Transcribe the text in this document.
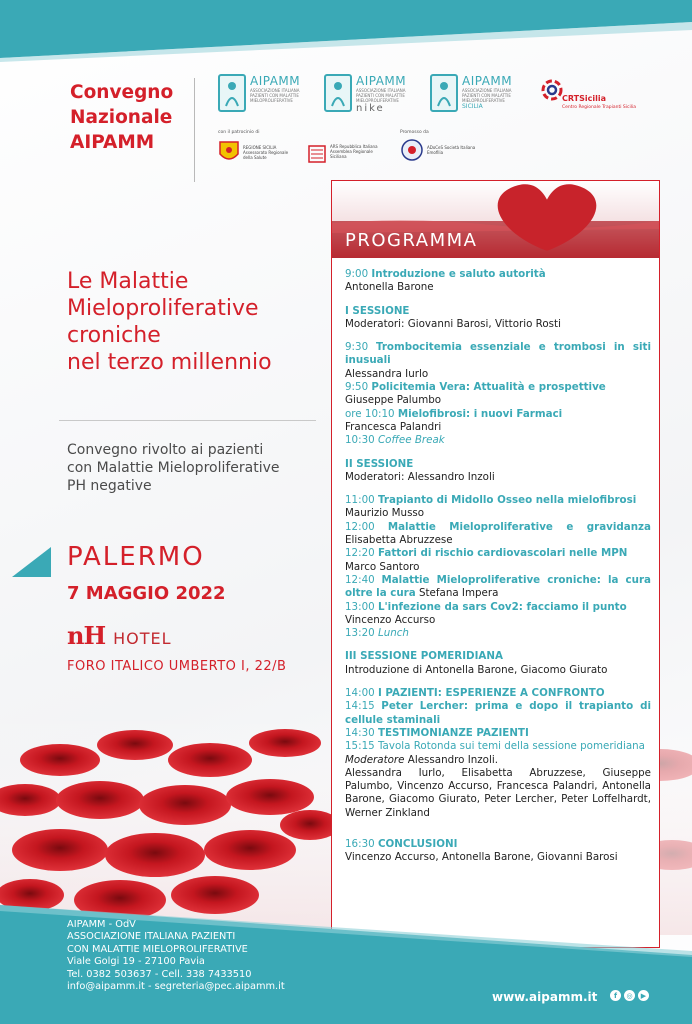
Convegno
Nazionale
AIPAMM
AIPAMM
ASSOCIAZIONE ITALIANA PAZIENTI CON MALATTIE MIELOPROLIFERATIVE
AIPAMM
ASSOCIAZIONE ITALIANA PAZIENTI CON MALATTIE MIELOPROLIFERATIVE
nike
AIPAMM
ASSOCIAZIONE ITALIANA PAZIENTI CON MALATTIE MIELOPROLIFERATIVE
SICILIA
CRTSicilia
Centro Regionale Trapianti Sicilia
con il patrocinio di	Promosso da
REGIONE SICILIA Assessorato Regionale della Salute
ARS Repubblica Italiana Assemblea Regionale Siciliana
ADoCeS Società Italiana Emofilia
Le Malattie
Mieloproliferative
croniche
nel terzo millennio
Convegno rivolto ai pazienti
con Malattie Mieloproliferative
PH negative
PALERMO
7 MAGGIO 2022
nH HOTEL
FORO ITALICO UMBERTO I, 22/B
PROGRAMMA
9:00 Introduzione e saluto autorità
Antonella Barone
I SESSIONE
Moderatori: Giovanni Barosi, Vittorio Rosti
9:30 Trombocitemia essenziale e trombosi in siti
inusuali
Alessandra Iurlo
9:50 Policitemia Vera: Attualità e prospettive
Giuseppe Palumbo
ore 10:10 Mielofibrosi: i nuovi Farmaci
Francesca Palandri
10:30 Coffee Break
II SESSIONE
Moderatori: Alessandro Inzoli
11:00 Trapianto di Midollo Osseo nella mielofibrosi
Maurizio Musso
12:00 Malattie Mieloproliferative e gravidanza
Elisabetta Abruzzese
12:20 Fattori di rischio cardiovascolari nelle MPN
Marco Santoro
12:40 Malattie Mieloproliferative croniche: la cura
oltre la cura Stefana Impera
13:00 L'infezione da sars Cov2: facciamo il punto
Vincenzo Accurso
13:20 Lunch
III SESSIONE POMERIDIANA
Introduzione di Antonella Barone, Giacomo Giurato
14:00 I PAZIENTI: ESPERIENZE A CONFRONTO
14:15 Peter Lercher: prima e dopo il trapianto di
cellule staminali
14:30 TESTIMONIANZE PAZIENTI
15:15 Tavola Rotonda sui temi della sessione pomeridiana
Moderatore Alessandro Inzoli.
Alessandra Iurlo, Elisabetta Abruzzese, Giuseppe
Palumbo, Vincenzo Accurso, Francesca Palandri, Antonella
Barone, Giacomo Giurato, Peter Lercher, Peter Loffelhardt,
Werner Zinkland
16:30 CONCLUSIONI
Vincenzo Accurso, Antonella Barone, Giovanni Barosi
AIPAMM - OdV
ASSOCIAZIONE ITALIANA PAZIENTI
CON MALATTIE MIELOPROLIFERATIVE
Viale Golgi 19 - 27100 Pavia
Tel. 0382 503637 - Cell. 338 7433510
info@aipamm.it - segreteria@pec.aipamm.it
www.aipamm.it	f	◎	▶
